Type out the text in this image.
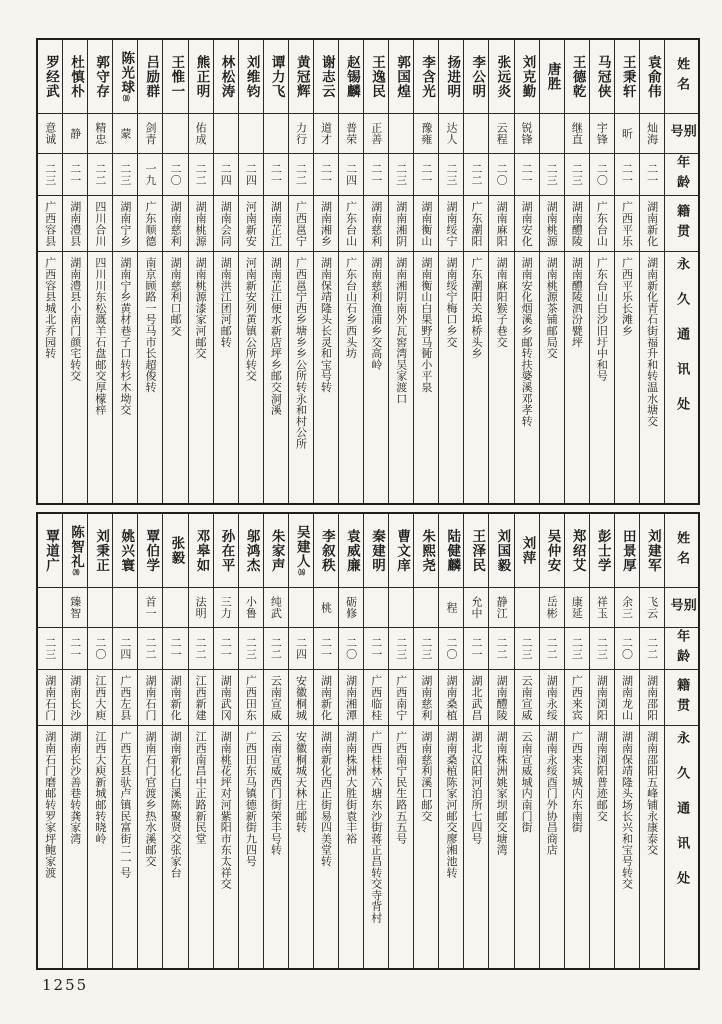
姓名
别号
年龄
籍贯
永久通讯处
袁俞伟
灿海
二一
湖南新化
湖南新化青石街福升和转温水塘交
王秉轩
昕
二一
广西平乐
广西平乐长滩乡
马冠侠
宇锋
二〇
广东台山
广东台山白沙旧圩中和号
王德乾
继直
二三
湖南醴陵
湖南醴陵泗汾甓坪
唐胜
二三
湖南桃源
湖南桃源茶铺邮局交
刘克勤
锐锋
二一
湖南安化
湖南安化烟溪乡邮转扶婆溪邓孝转
张远炎
云程
二〇
湖南麻阳
湖南麻阳猴子巷交
李公明
二二
广东潮阳
广东潮阳关埠桥头乡
扬进明
达人
二三
湖南绥宁
湖南绥宁梅口乡交
李含光
豫雍
二一
湖南衡山
湖南衡山白果野马衕小平泉
郭国煌
二三
湖南湘阴
湖南湘阴南外瓦窖湾吴家渡口
王逸民
正善
二一
湖南慈利
湖南慈利渔浦乡交高岭
赵锡麟
普荣
二四
广东台山
广东台山石乡西头坊
谢志云
道才
二一
湖南湘乡
湖南保靖隆头长灵和宝号转
黄冠辉
力行
二二
广西邕宁
广西邕宁西乡塘乡乡公所转永和村公所
谭力飞
二一
湖南芷江
湖南芷江便水新店坪乡邮交洞溪
刘维钧
二四
河南新安
河南新安列黄镇公所转交
林松涛
二四
湖南会同
湖南洪江团河邮转
熊正明
佑成
二二
湖南桃源
湖南桃源漆家河邮交
王惟一
二〇
湖南慈利
湖南慈利口邮交
吕励群
剑青
一九
广东顺德
南京顾路一号马市长超俊转
陈光球⒅
蒙
二三
湖南宁乡
湖南宁乡黄材巷子口转杉木坳交
郭守存
精忠
二二
四川合川
四川川东松溉羊石盘邮交厚檬梓
杜慎朴
静
二一
湖南澧县
湖南澧县小南门颜宅转交
罗经武
意诚
二三
广西容县
广西容县城北乔园转
姓名
别号
年龄
籍贯
永久通讯处
刘建军
飞云
二二
湖南邵阳
湖南邵阳五峰铺永康泰交
田景厚
余三
二〇
湖南龙山
湖南保靖隆头场长兴和宝号转交
彭士学
祥玉
二三
湖南浏阳
湖南浏阳普迹邮交
郑绍艾
康延
二三
广西来宾
广西来宾城内东南街
吴仲安
岳彬
二二
湖南永绥
湖南永绥酉门外协昌商店
刘萍
二三
云南宣威
云南宣威城内南门街
刘国毅
静江
二二
湖南醴陵
湖南株洲姚家坝邮交塘湾
王泽民
允中
二一
湖北武昌
湖北汉阳河泊所七四号
陆健麟
程
二〇
湖南桑植
湖南桑植陈家河邮交廖湘池转
朱熙尧
二三
湖南慈利
湖南慈利溪口邮交
曹文庠
二三
广西南宁
广西南宁民生路五五号
秦建明
二一
广西临桂
广西桂林六塘东沙街蒋正昌转交寺背村
袁威廉
砺修
二〇
湖南湘潭
湖南株洲大胜街袁丰裕
李叙秩
桃
二一
湖南新化
湖南新化西正街易四美堂转
吴建人⒃
二四
安徽桐城
安徽桐城天林庄邮转
朱家声
纯武
二二
云南宣威
云南宣威西门街荣丰号转
邬鸿杰
小鲁
二三
广西田东
广西田东马镇德新街九四号
孙在平
三力
二一
湖南武冈
湖南桃花坪对河紫阳市东太祥交
邓皋如
法明
二二
江西新建
江西南昌中正路新民堂
张毅
二一
湖南新化
湖南新化白溪陈聚贤交张家台
覃伯学
首一
二二
湖南石门
湖南石门官渡乡热水溪邮交
姚兴寰
二四
广西左县
广西左县驮卢镇民富街二一号
刘秉正
二〇
江西大庾
江西大庾新城邮转晓岭
陈智礼⒇
臻智
二一
湖南长沙
湖南长沙善巷转龚家湾
覃道广
二三
湖南石门
湖南石门磨邮转罗家坪鲍家渡
1255
